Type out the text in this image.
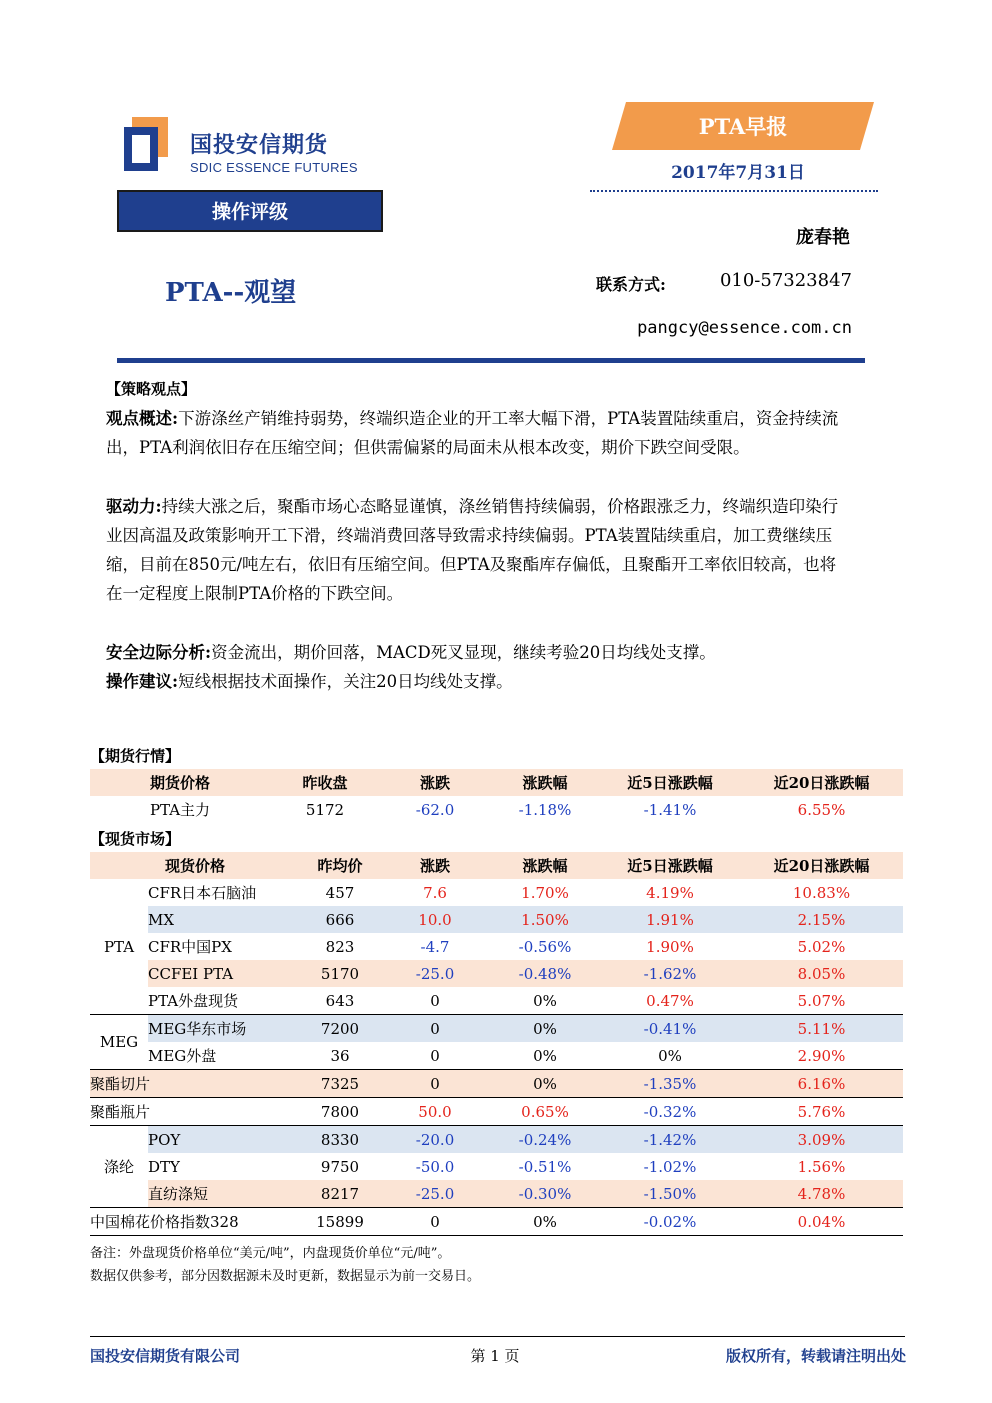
国投安信期货
SDIC ESSENCE FUTURES
PTA早报
2017年7月31日
操作评级
PTA--观望
庞春艳
联系方式:	010-57323847
pangcy@essence.com.cn
【策略观点】
观点概述:下游涤丝产销维持弱势，终端织造企业的开工率大幅下滑，PTA装置陆续重启，资金持续流出，PTA利润依旧存在压缩空间；但供需偏紧的局面未从根本改变，期价下跌空间受限。
驱动力:持续大涨之后，聚酯市场心态略显谨慎，涤丝销售持续偏弱，价格跟涨乏力，终端织造印染行业因高温及政策影响开工下滑，终端消费回落导致需求持续偏弱。PTA装置陆续重启，加工费继续压缩，目前在850元/吨左右，依旧有压缩空间。但PTA及聚酯库存偏低，且聚酯开工率依旧较高，也将在一定程度上限制PTA价格的下跌空间。
安全边际分析:资金流出，期价回落，MACD死叉显现，继续考验20日均线处支撑。
操作建议:短线根据技术面操作，关注20日均线处支撑。
【期货行情】
期货价格	昨收盘	涨跌	涨跌幅	近5日涨跌幅	近20日涨跌幅
PTA主力	5172	-62.0	-1.18%	-1.41%	6.55%
【现货市场】
现货价格		昨均价	涨跌	涨跌幅	近5日涨跌幅	近20日涨跌幅
PTA	CFR日本石脑油	457	7.6	1.70%	4.19%	10.83%
	MX	666	10.0	1.50%	1.91%	2.15%
	CFR中国PX	823	-4.7	-0.56%	1.90%	5.02%
	CCFEI PTA	5170	-25.0	-0.48%	-1.62%	8.05%
	PTA外盘现货	643	0	0%	0.47%	5.07%
MEG	MEG华东市场	7200	0	0%	-0.41%	5.11%
	MEG外盘	36	0	0%	0%	2.90%
聚酯切片		7325	0	0%	-1.35%	6.16%
聚酯瓶片		7800	50.0	0.65%	-0.32%	5.76%
涤纶	POY	8330	-20.0	-0.24%	-1.42%	3.09%
	DTY	9750	-50.0	-0.51%	-1.02%	1.56%
	直纺涤短	8217	-25.0	-0.30%	-1.50%	4.78%
中国棉花价格指数328		15899	0	0%	-0.02%	0.04%
备注：外盘现货价格单位“美元/吨”，内盘现货价单位“元/吨”。
数据仅供参考，部分因数据源未及时更新，数据显示为前一交易日。
国投安信期货有限公司	第 1 页	版权所有，转载请注明出处
